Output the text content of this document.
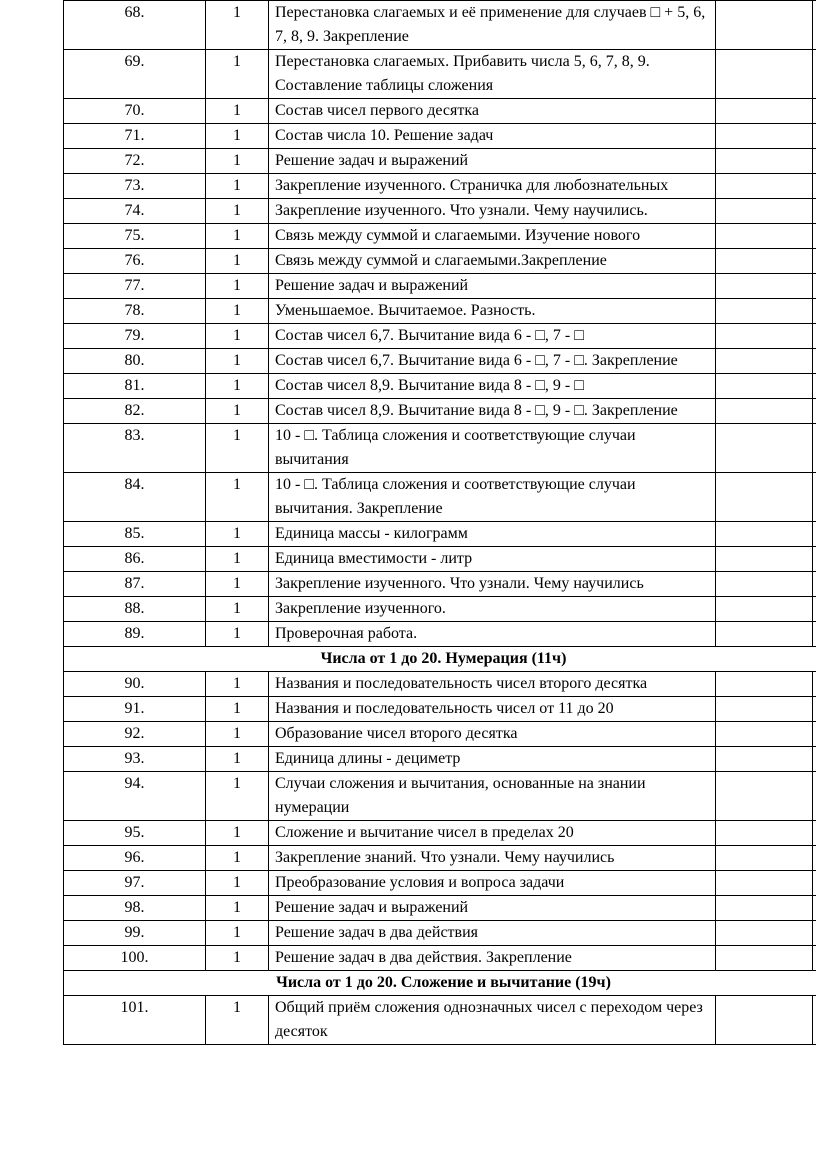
68.	1	Перестановка слагаемых и её применение для случаев □ + 5, 6, 7, 8, 9. Закрепление		
69.	1	Перестановка слагаемых. Прибавить числа 5, 6, 7, 8, 9. Составление таблицы сложения		
70.	1	Состав чисел первого десятка		
71.	1	Состав числа 10. Решение задач		
72.	1	Решение задач и выражений		
73.	1	Закрепление изученного. Страничка для любознательных		
74.	1	Закрепление изученного. Что узнали. Чему научились.		
75.	1	Связь между суммой и слагаемыми. Изучение нового		
76.	1	Связь между суммой и слагаемыми.Закрепление		
77.	1	Решение задач и выражений		
78.	1	Уменьшаемое. Вычитаемое. Разность.		
79.	1	Состав чисел 6,7. Вычитание вида 6 - □, 7 - □		
80.	1	Состав чисел 6,7. Вычитание вида 6 - □, 7 - □. Закрепление		
81.	1	Состав чисел 8,9. Вычитание вида 8 - □, 9 - □		
82.	1	Состав чисел 8,9. Вычитание вида 8 - □, 9 - □. Закрепление		
83.	1	10 - □. Таблица сложения и соответствующие случаи вычитания		
84.	1	10 - □. Таблица сложения и соответствующие случаи вычитания. Закрепление		
85.	1	Единица массы - килограмм		
86.	1	Единица вместимости - литр		
87.	1	Закрепление изученного. Что узнали. Чему научились		
88.	1	Закрепление изученного.		
89.	1	Проверочная работа.		
Числа от 1 до 20. Нумерация (11ч)				
90.	1	Названия и последовательность чисел второго десятка		
91.	1	Названия и последовательность чисел от 11 до 20		
92.	1	Образование чисел второго десятка		
93.	1	Единица длины - дециметр		
94.	1	Случаи сложения и вычитания, основанные на знании нумерации		
95.	1	Сложение и вычитание чисел в пределах 20		
96.	1	Закрепление знаний. Что узнали. Чему научились		
97.	1	Преобразование условия и вопроса задачи		
98.	1	Решение задач и выражений		
99.	1	Решение задач в два действия		
100.	1	Решение задач в два действия. Закрепление		
Числа от 1 до 20. Сложение и вычитание (19ч)				
101.	1	Общий приём сложения однозначных чисел с переходом через десяток		
